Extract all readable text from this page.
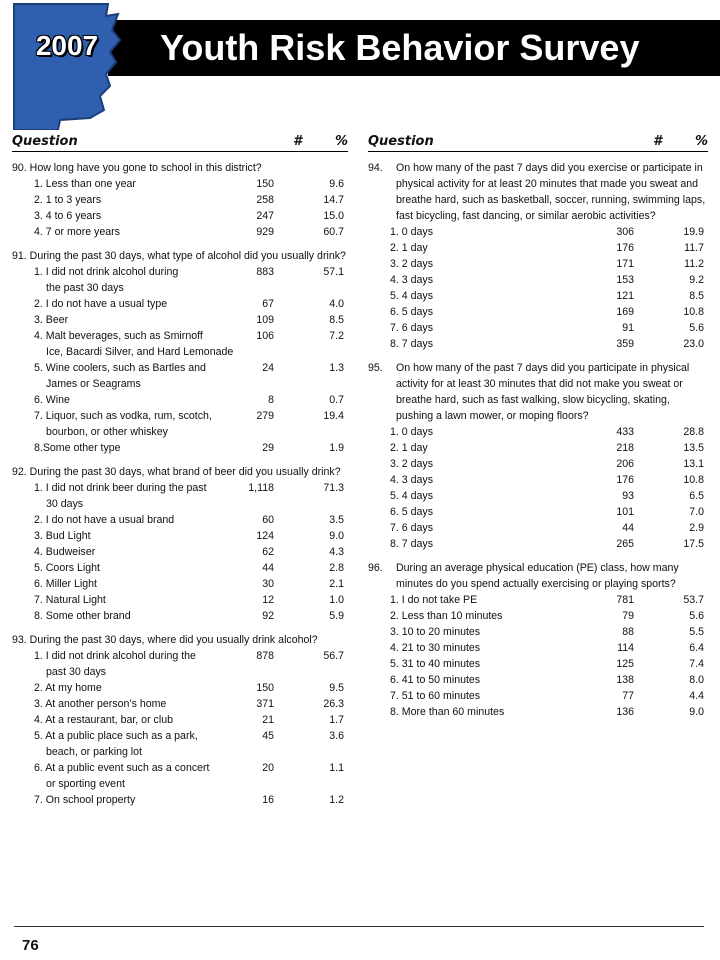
Youth Risk Behavior Survey
2007
Question	#	%
90. How long have you gone to school in this district?
1. Less than one year	150	9.6
2. 1 to 3 years	258	14.7
3. 4 to 6 years	247	15.0
4. 7 or more years	929	60.7
91. During the past 30 days, what type of alcohol did you usually drink?
1. I did not drink alcohol during	883	57.1
the past 30 days
2. I do not have a usual type	67	4.0
3. Beer	109	8.5
4. Malt beverages, such as Smirnoff	106	7.2
Ice, Bacardi Silver, and Hard Lemonade
5. Wine coolers, such as Bartles and	24	1.3
James or Seagrams
6. Wine	8	0.7
7. Liquor, such as vodka, rum, scotch,	279	19.4
bourbon, or other whiskey
8.Some other type	29	1.9
92. During the past 30 days, what brand of beer did you usually drink?
1. I did not drink beer during the past	1,118	71.3
30 days
2. I do not have a usual brand	60	3.5
3. Bud Light	124	9.0
4. Budweiser	62	4.3
5. Coors Light	44	2.8
6. Miller Light	30	2.1
7. Natural Light	12	1.0
8. Some other brand	92	5.9
93. During the past 30 days, where did you usually drink alcohol?
1. I did not drink alcohol during the	878	56.7
past 30 days
2. At my home	150	9.5
3. At another person’s home	371	26.3
4. At a restaurant, bar, or club	21	1.7
5. At a public place such as a park,	45	3.6
beach, or parking lot
6. At a public event such as a concert	20	1.1
or sporting event
7. On school property	16	1.2
Question	#	%
94.	On how many of the past 7 days did you exercise or participate in physical activity for at least 20 minutes that made you sweat and breathe hard, such as basketball, soccer, running, swimming laps, fast bicycling, fast dancing, or similar aerobic activities?
1. 0 days	306	19.9
2. 1 day	176	11.7
3. 2 days	171	11.2
4. 3 days	153	9.2
5. 4 days	121	8.5
6. 5 days	169	10.8
7. 6 days	91	5.6
8. 7 days	359	23.0
95.	On how many of the past 7 days did you participate in physical activity for at least 30 minutes that did not make you sweat or breathe hard, such as fast walking, slow bicycling, skating, pushing a lawn mower, or moping floors?
1. 0 days	433	28.8
2. 1 day	218	13.5
3. 2 days	206	13.1
4. 3 days	176	10.8
5. 4 days	93	6.5
6. 5 days	101	7.0
7. 6 days	44	2.9
8. 7 days	265	17.5
96.	During an average physical education (PE) class, how many minutes do you spend actually exercising or playing sports?
1. I do not take PE	781	53.7
2. Less than 10 minutes	79	5.6
3. 10 to 20 minutes	88	5.5
4. 21 to 30 minutes	114	6.4
5. 31 to 40 minutes	125	7.4
6. 41 to 50 minutes	138	8.0
7. 51 to 60 minutes	77	4.4
8. More than 60 minutes	136	9.0
76
